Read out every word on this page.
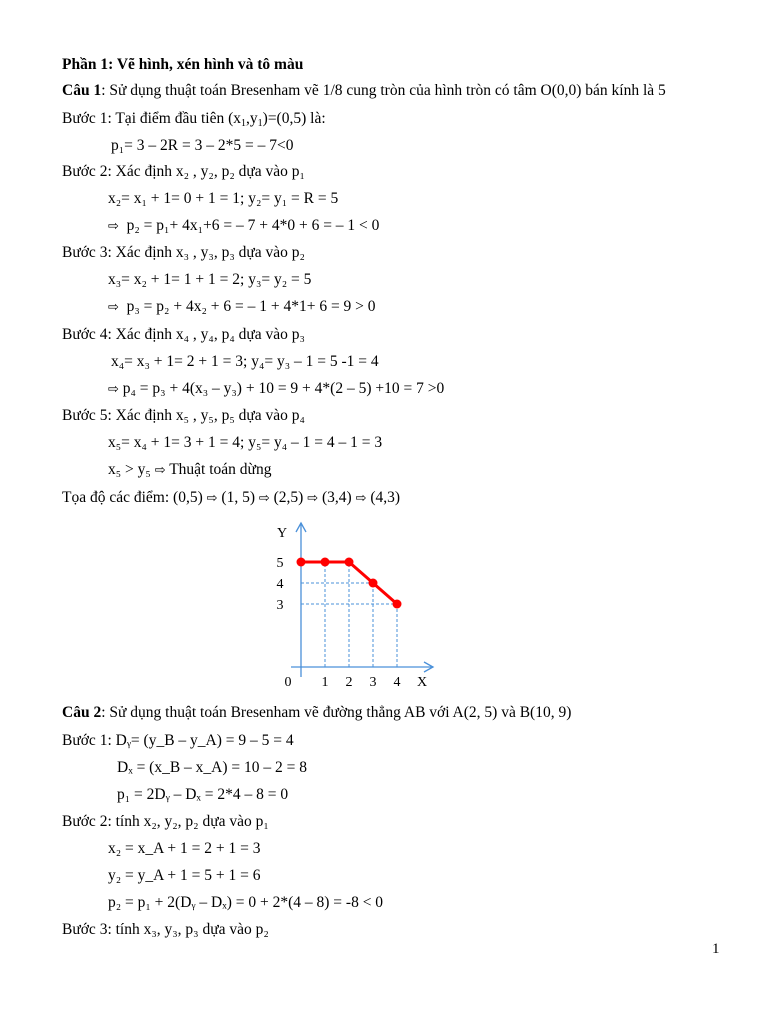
Phần 1: Vẽ hình, xén hình và tô màu
Câu 1: Sử dụng thuật toán Bresenham vẽ 1/8 cung tròn của hình tròn có tâm O(0,0) bán kính là 5
Bước 1: Tại điểm đầu tiên $(x_1,y_1)=(0,5)$ là:
p₁= 3 – 2R = 3 – 2*5 = – 7<0
Bước 2: Xác định x₂ , y₂, p₂ dựa vào p₁
x₂= x₁ + 1= 0 + 1 = 1; y₂= y₁ = R = 5
⇨ p₂ = p₁+ 4x₁+6 = – 7 + 4*0 + 6 = – 1 < 0
Bước 3: Xác định x₃ , y₃, p₃ dựa vào p₂
x₃= x₂ + 1= 1 + 1 = 2; y₃= y₂ = 5
⇨ p₃ = p₂ + 4x₂ + 6 = – 1 + 4*1+ 6 = 9 > 0
Bước 4: Xác định x₄ , y₄, p₄ dựa vào p₃
x₄= x₃ + 1= 2 + 1 = 3; y₄= y₃ – 1 = 5 -1 = 4
⇨ p₄ = p₃ + 4(x₃ – y₃) + 10 = 9 + 4*(2 – 5) +10 = 7 >0
Bước 5: Xác định x₅ , y₅, p₅ dựa vào p₄
x₅= x₄ + 1= 3 + 1 = 4; y₅= y₄ – 1 = 4 – 1 = 3
x₅ > y₅ ⇨ Thuật toán dừng
Tọa độ các điểm: (0,5) ⇨ (1, 5) ⇨ (2,5) ⇨ (3,4) ⇨ (4,3)
0 1 2 3 4
5
4
3
X
Y
Câu 2: Sử dụng thuật toán Bresenham vẽ đường thẳng AB với A(2, 5) và B(10, 9)
Bước 1: Dᵧ= (y_B – y_A) = 9 – 5 = 4
Dₓ = (x_B – x_A) = 10 – 2 = 8
p₁ = 2Dᵧ – Dₓ = 2*4 – 8 = 0
Bước 2: tính x₂, y₂, p₂ dựa vào p₁
x₂ = x_A + 1 = 2 + 1 = 3
y₂ = y_A + 1 = 5 + 1 = 6
p₂ = p₁ + 2(Dᵧ – Dₓ) = 0 + 2*(4 – 8) = -8 < 0
Bước 3: tính x₃, y₃, p₃ dựa vào p₂
1
